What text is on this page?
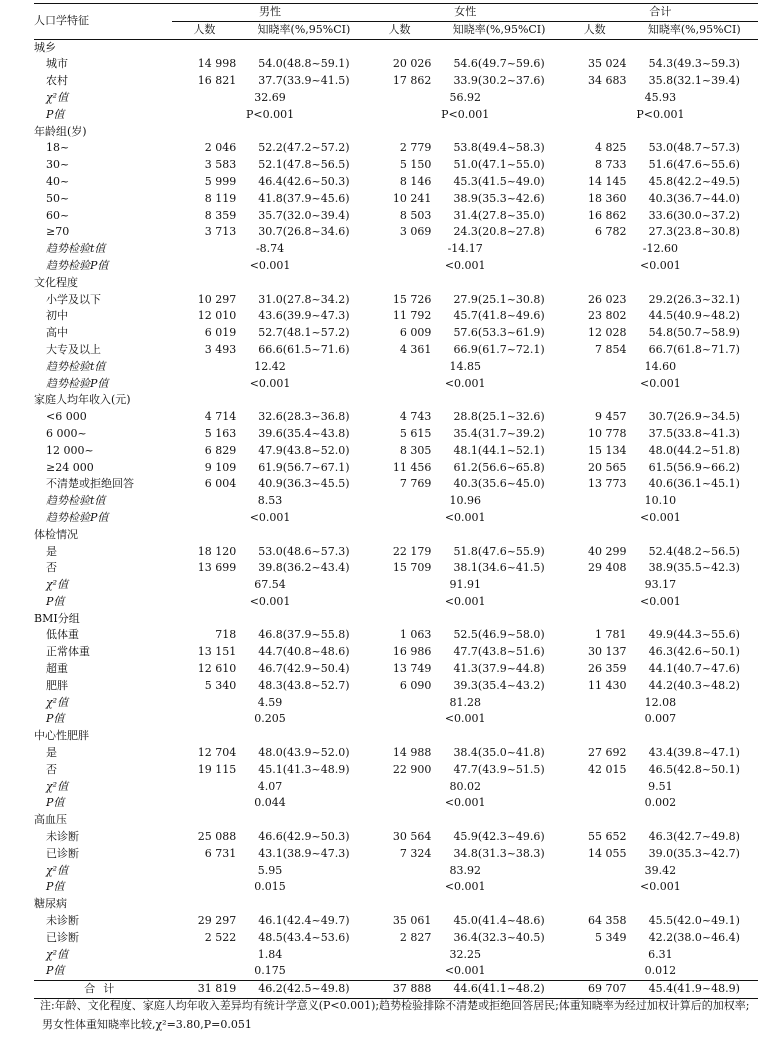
人口学特征	男性		女性		合计	
	人数	知晓率(%,95%CI)	人数	知晓率(%,95%CI)	人数	知晓率(%,95%CI)
城乡						
城市	14 998	54.0(48.8~59.1)	20 026	54.6(49.7~59.6)	35 024	54.3(49.3~59.3)
农村	16 821	37.7(33.9~41.5)	17 862	33.9(30.2~37.6)	34 683	35.8(32.1~39.4)
χ²值	32.69		56.92		45.93	
P值	P<0.001		P<0.001		P<0.001	
年龄组(岁)						
18~	2 046	52.2(47.2~57.2)	2 779	53.8(49.4~58.3)	4 825	53.0(48.7~57.3)
30~	3 583	52.1(47.8~56.5)	5 150	51.0(47.1~55.0)	8 733	51.6(47.6~55.6)
40~	5 999	46.4(42.6~50.3)	8 146	45.3(41.5~49.0)	14 145	45.8(42.2~49.5)
50~	8 119	41.8(37.9~45.6)	10 241	38.9(35.3~42.6)	18 360	40.3(36.7~44.0)
60~	8 359	35.7(32.0~39.4)	8 503	31.4(27.8~35.0)	16 862	33.6(30.0~37.2)
≥70	3 713	30.7(26.8~34.6)	3 069	24.3(20.8~27.8)	6 782	27.3(23.8~30.8)
趋势检验t值	-8.74		-14.17		-12.60	
趋势检验P值	<0.001		<0.001		<0.001	
文化程度						
小学及以下	10 297	31.0(27.8~34.2)	15 726	27.9(25.1~30.8)	26 023	29.2(26.3~32.1)
初中	12 010	43.6(39.9~47.3)	11 792	45.7(41.8~49.6)	23 802	44.5(40.9~48.2)
高中	6 019	52.7(48.1~57.2)	6 009	57.6(53.3~61.9)	12 028	54.8(50.7~58.9)
大专及以上	3 493	66.6(61.5~71.6)	4 361	66.9(61.7~72.1)	7 854	66.7(61.8~71.7)
趋势检验t值	12.42		14.85		14.60	
趋势检验P值	<0.001		<0.001		<0.001	
家庭人均年收入(元)						
<6 000	4 714	32.6(28.3~36.8)	4 743	28.8(25.1~32.6)	9 457	30.7(26.9~34.5)
6 000~	5 163	39.6(35.4~43.8)	5 615	35.4(31.7~39.2)	10 778	37.5(33.8~41.3)
12 000~	6 829	47.9(43.8~52.0)	8 305	48.1(44.1~52.1)	15 134	48.0(44.2~51.8)
≥24 000	9 109	61.9(56.7~67.1)	11 456	61.2(56.6~65.8)	20 565	61.5(56.9~66.2)
不清楚或拒绝回答	6 004	40.9(36.3~45.5)	7 769	40.3(35.6~45.0)	13 773	40.6(36.1~45.1)
趋势检验t值	8.53		10.96		10.10	
趋势检验P值	<0.001		<0.001		<0.001	
体检情况						
是	18 120	53.0(48.6~57.3)	22 179	51.8(47.6~55.9)	40 299	52.4(48.2~56.5)
否	13 699	39.8(36.2~43.4)	15 709	38.1(34.6~41.5)	29 408	38.9(35.5~42.3)
χ²值	67.54		91.91		93.17	
P值	<0.001		<0.001		<0.001	
BMI分组						
低体重	718	46.8(37.9~55.8)	1 063	52.5(46.9~58.0)	1 781	49.9(44.3~55.6)
正常体重	13 151	44.7(40.8~48.6)	16 986	47.7(43.8~51.6)	30 137	46.3(42.6~50.1)
超重	12 610	46.7(42.9~50.4)	13 749	41.3(37.9~44.8)	26 359	44.1(40.7~47.6)
肥胖	5 340	48.3(43.8~52.7)	6 090	39.3(35.4~43.2)	11 430	44.2(40.3~48.2)
χ²值	4.59		81.28		12.08	
P值	0.205		<0.001		0.007	
中心性肥胖						
是	12 704	48.0(43.9~52.0)	14 988	38.4(35.0~41.8)	27 692	43.4(39.8~47.1)
否	19 115	45.1(41.3~48.9)	22 900	47.7(43.9~51.5)	42 015	46.5(42.8~50.1)
χ²值	4.07		80.02		9.51	
P值	0.044		<0.001		0.002	
高血压						
未诊断	25 088	46.6(42.9~50.3)	30 564	45.9(42.3~49.6)	55 652	46.3(42.7~49.8)
已诊断	6 731	43.1(38.9~47.3)	7 324	34.8(31.3~38.3)	14 055	39.0(35.3~42.7)
χ²值	5.95		83.92		39.42	
P值	0.015		<0.001		<0.001	
糖尿病						
未诊断	29 297	46.1(42.4~49.7)	35 061	45.0(41.4~48.6)	64 358	45.5(42.0~49.1)
已诊断	2 522	48.5(43.4~53.6)	2 827	36.4(32.3~40.5)	5 349	42.2(38.0~46.4)
χ²值	1.84		32.25		6.31	
P值	0.175		<0.001		0.012	
合计	31 819	46.2(42.5~49.8)	37 888	44.6(41.1~48.2)	69 707	45.4(41.9~48.9)
注:年龄、文化程度、家庭人均年收入差异均有统计学意义(P<0.001);趋势检验排除不清楚或拒绝回答居民;体重知晓率为经过加权计算后的加权率;男女性体重知晓率比较,χ²=3.80,P=0.051
